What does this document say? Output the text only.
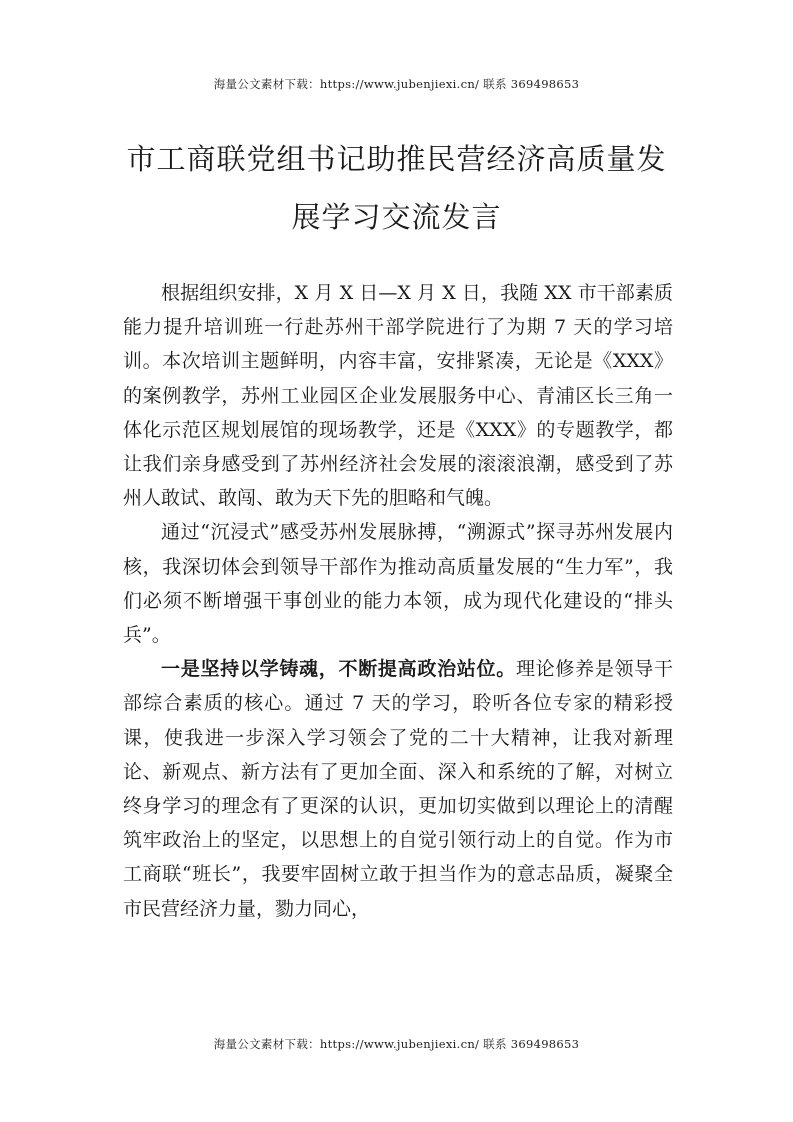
海量公文素材下载：https://www.jubenjiexi.cn/ 联系 369498653
市工商联党组书记助推民营经济高质量发
展学习交流发言

根据组织安排，X 月 X 日—X 月 X 日，我随 XX 市干部素质能力提升培训班一行赴苏州干部学院进行了为期 7 天的学习培训。本次培训主题鲜明，内容丰富，安排紧凑，无论是《XXX》的案例教学，苏州工业园区企业发展服务中心、青浦区长三角一体化示范区规划展馆的现场教学，还是《XXX》的专题教学，都让我们亲身感受到了苏州经济社会发展的滚滚浪潮，感受到了苏州人敢试、敢闯、敢为天下先的胆略和气魄。

通过“沉浸式”感受苏州发展脉搏，“溯源式”探寻苏州发展内核，我深切体会到领导干部作为推动高质量发展的“生力军”，我们必须不断增强干事创业的能力本领，成为现代化建设的“排头兵”。

一是坚持以学铸魂，不断提高政治站位。理论修养是领导干部综合素质的核心。通过 7 天的学习，聆听各位专家的精彩授课，使我进一步深入学习领会了党的二十大精神，让我对新理论、新观点、新方法有了更加全面、深入和系统的了解，对树立终身学习的理念有了更深的认识，更加切实做到以理论上的清醒筑牢政治上的坚定，以思想上的自觉引领行动上的自觉。作为市工商联“班长”，我要牢固树立敢于担当作为的意志品质，凝聚全市民营经济力量，勠力同心，

海量公文素材下载：https://www.jubenjiexi.cn/ 联系 369498653
